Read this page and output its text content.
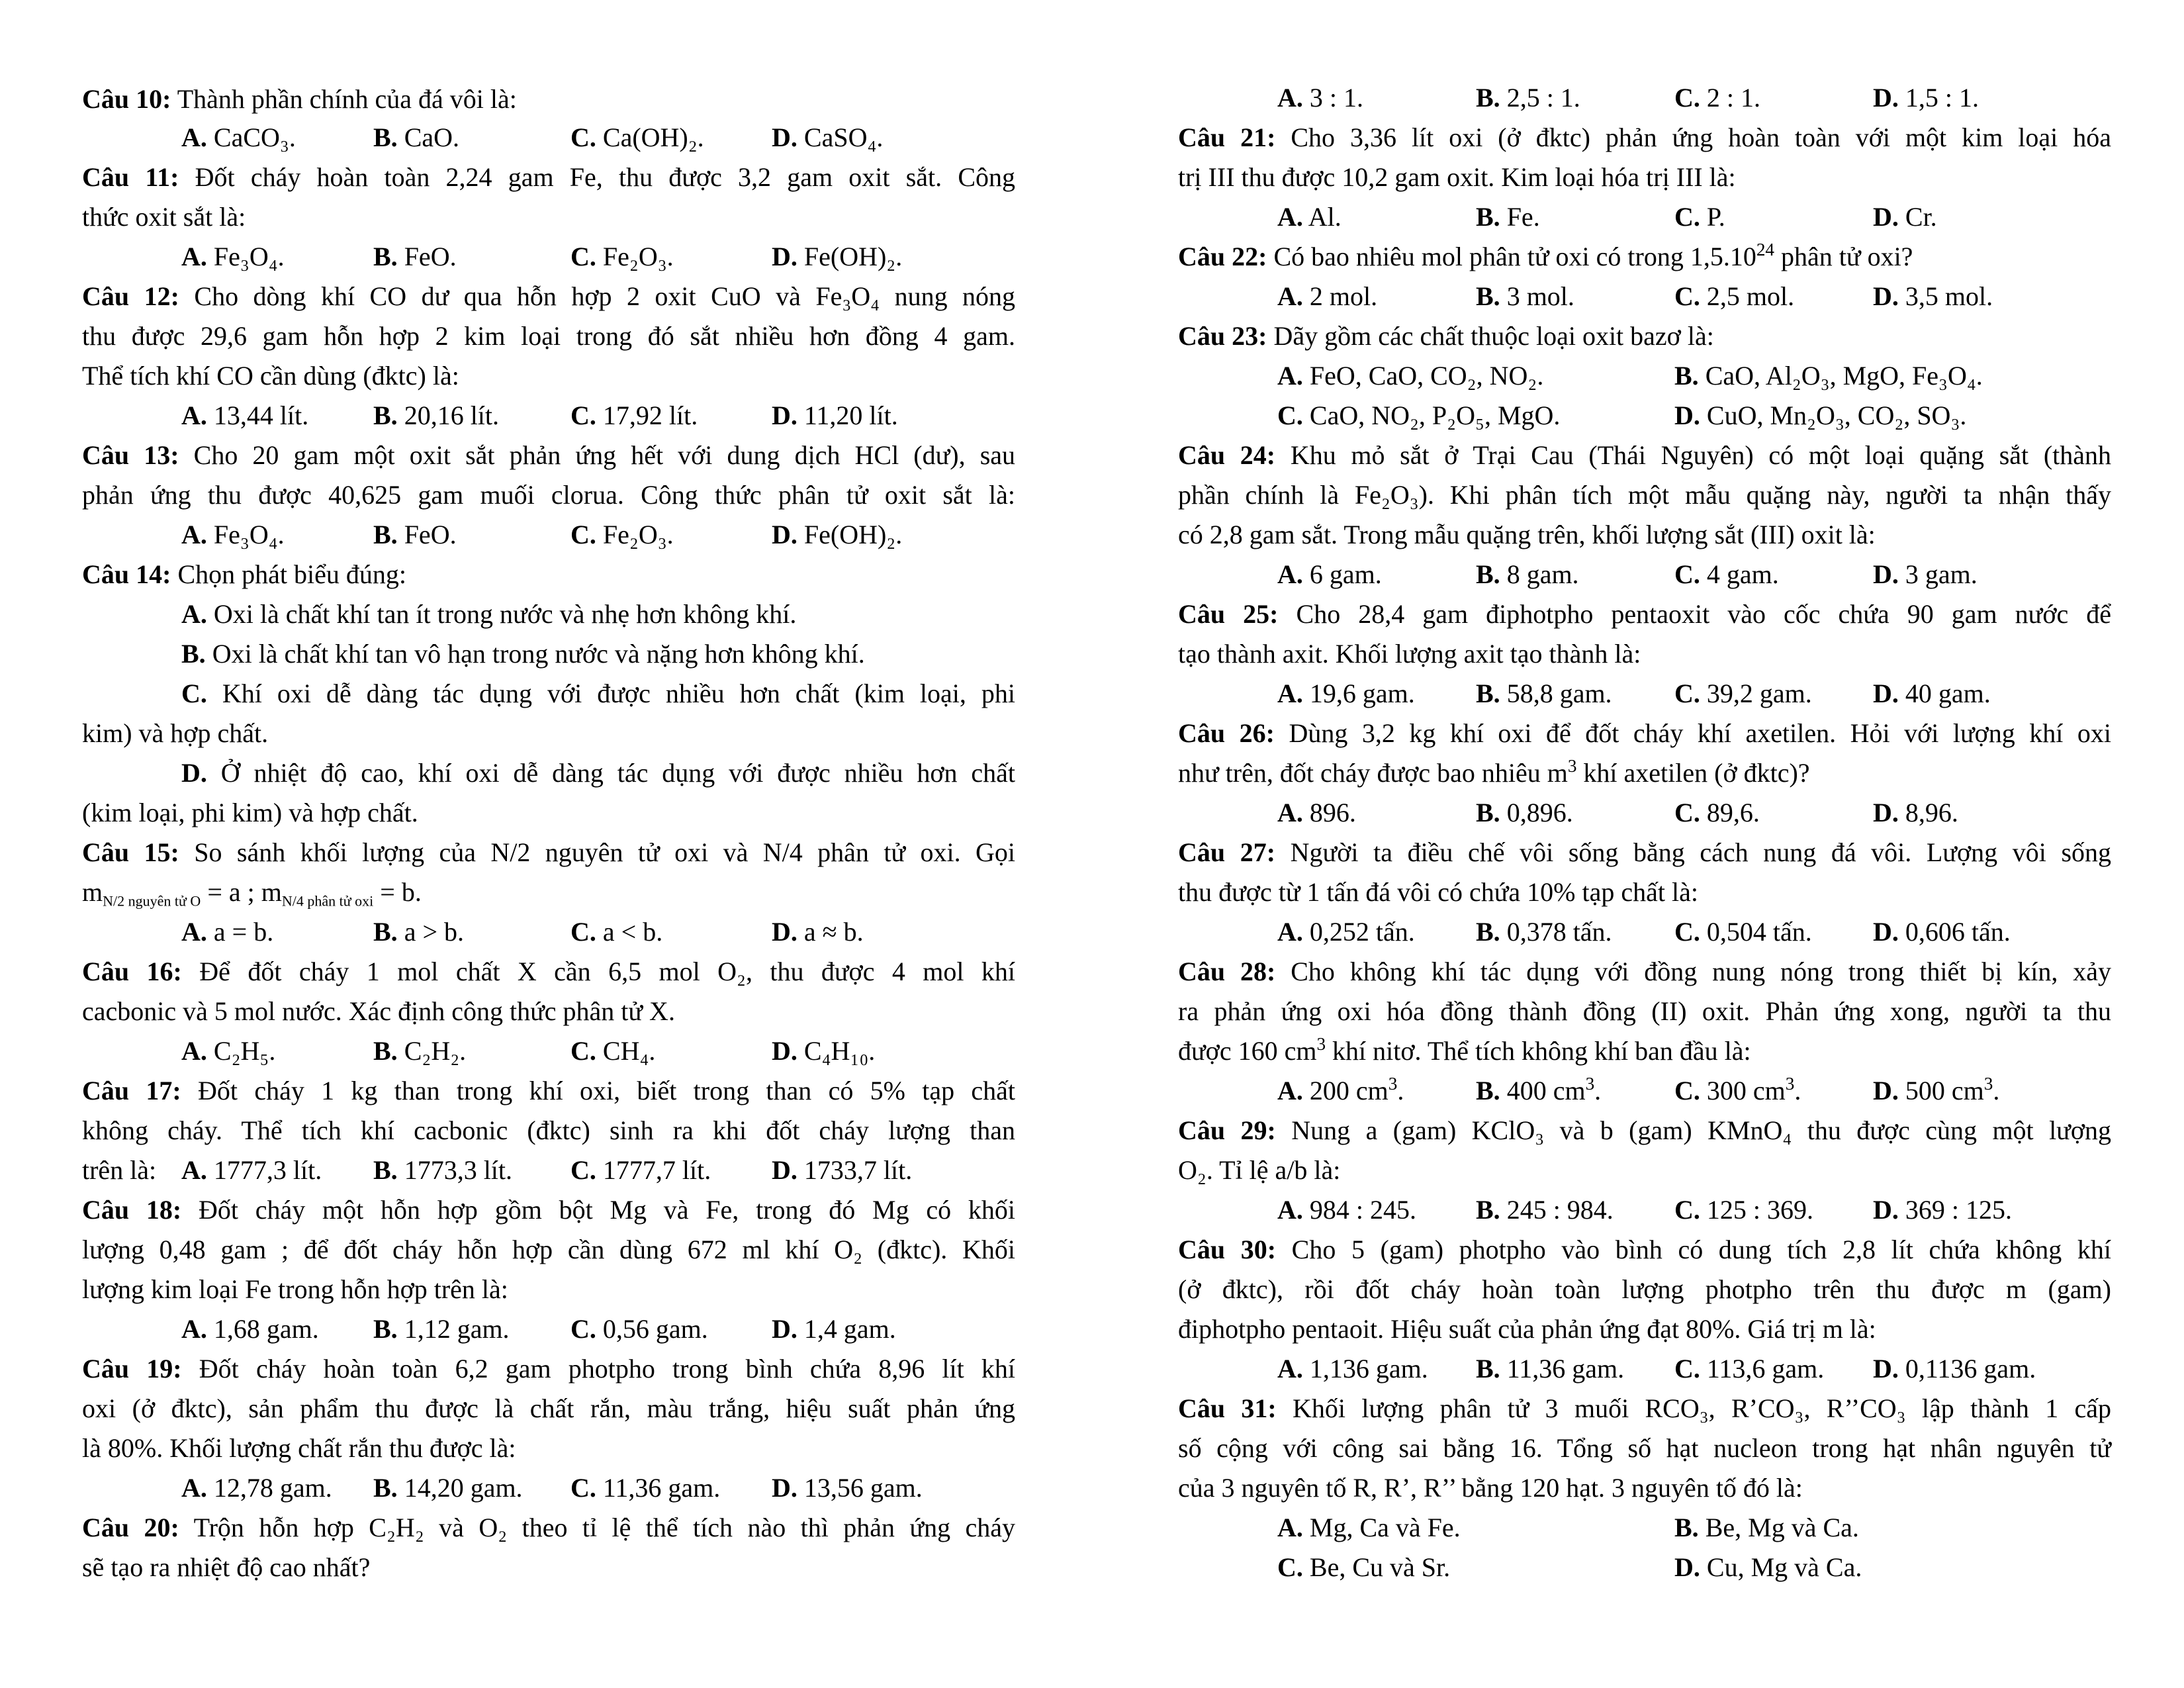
Câu 10: Thành phần chính của đá vôi là:
A. CaCO₃.	B. CaO.	C. Ca(OH)₂.	D. CaSO₄.
Câu 11: Đốt cháy hoàn toàn 2,24 gam Fe, thu được 3,2 gam oxit sắt. Công
thức oxit sắt là:
A. Fe₃O₄.	B. FeO.	C. Fe₂O₃.	D. Fe(OH)₂.
Câu 12: Cho dòng khí CO dư qua hỗn hợp 2 oxit CuO và Fe₃O₄ nung nóng
thu được 29,6 gam hỗn hợp 2 kim loại trong đó sắt nhiều hơn đồng 4 gam.
Thể tích khí CO cần dùng (đktc) là:
A. 13,44 lít. B. 20,16 lít.	C. 17,92 lít.	D. 11,20 lít.
Câu 13: Cho 20 gam một oxit sắt phản ứng hết với dung dịch HCl (dư), sau
phản ứng thu được 40,625 gam muối clorua. Công thức phân tử oxit sắt là:
A. Fe₃O₄.	B. FeO.	C. Fe₂O₃.	D. Fe(OH)₂.
Câu 14: Chọn phát biểu đúng:
A. Oxi là chất khí tan ít trong nước và nhẹ hơn không khí.
B. Oxi là chất khí tan vô hạn trong nước và nặng hơn không khí.
C. Khí oxi dễ dàng tác dụng với được nhiều hơn chất (kim loại, phi
kim) và hợp chất.
D. Ở nhiệt độ cao, khí oxi dễ dàng tác dụng với được nhiều hơn chất
(kim loại, phi kim) và hợp chất.
Câu 15: So sánh khối lượng của N/2 nguyên tử oxi và N/4 phân tử oxi. Gọi
mN/2 nguyên tử O = a ; mN/4 phân tử oxi = b.
A. a = b.	B. a > b.	C. a < b.	D. a ≈ b.
Câu 16: Để đốt cháy 1 mol chất X cần 6,5 mol O₂, thu được 4 mol khí
cacbonic và 5 mol nước. Xác định công thức phân tử X.
A. C₂H₅.	B. C₂H₂.	C. CH₄.	D. C₄H₁₀.
Câu 17: Đốt cháy 1 kg than trong khí oxi, biết trong than có 5% tạp chất
không cháy. Thể tích khí cacbonic (đktc) sinh ra khi đốt cháy lượng than
trên là: A. 1777,3 lít. B. 1773,3 lít. C. 1777,7 lít. D. 1733,7 lít.
Câu 18: Đốt cháy một hỗn hợp gồm bột Mg và Fe, trong đó Mg có khối
lượng 0,48 gam ; để đốt cháy hỗn hợp cần dùng 672 ml khí O₂ (đktc). Khối
lượng kim loại Fe trong hỗn hợp trên là:
A. 1,68 gam. B. 1,12 gam. C. 0,56 gam. D. 1,4 gam.
Câu 19: Đốt cháy hoàn toàn 6,2 gam photpho trong bình chứa 8,96 lít khí
oxi (ở đktc), sản phẩm thu được là chất rắn, màu trắng, hiệu suất phản ứng
là 80%. Khối lượng chất rắn thu được là:
A. 12,78 gam. B. 14,20 gam. C. 11,36 gam. D. 13,56 gam.
Câu 20: Trộn hỗn hợp C₂H₂ và O₂ theo tỉ lệ thể tích nào thì phản ứng cháy
sẽ tạo ra nhiệt độ cao nhất?
A. 3 : 1.	B. 2,5 : 1.	C. 2 : 1.	D. 1,5 : 1.
Câu 21: Cho 3,36 lít oxi (ở đktc) phản ứng hoàn toàn với một kim loại hóa
trị III thu được 10,2 gam oxit. Kim loại hóa trị III là:
A. Al.	B. Fe.	C. P.	D. Cr.
Câu 22: Có bao nhiêu mol phân tử oxi có trong 1,5.10$^{24}$ phân tử oxi?
A. 2 mol.	B. 3 mol.	C. 2,5 mol.	D. 3,5 mol.
Câu 23: Dãy gồm các chất thuộc loại oxit bazơ là:
A. FeO, CaO, CO₂, NO₂.	B. CaO, Al₂O₃, MgO, Fe₃O₄.
C. CaO, NO₂, P₂O₅, MgO.	D. CuO, Mn₂O₃, CO₂, SO₃.
Câu 24: Khu mỏ sắt ở Trại Cau (Thái Nguyên) có một loại quặng sắt (thành
phần chính là Fe₂O₃). Khi phân tích một mẫu quặng này, người ta nhận thấy
có 2,8 gam sắt. Trong mẫu quặng trên, khối lượng sắt (III) oxit là:
A. 6 gam.	B. 8 gam.	C. 4 gam.	D. 3 gam.
Câu 25: Cho 28,4 gam điphotpho pentaoxit vào cốc chứa 90 gam nước để
tạo thành axit. Khối lượng axit tạo thành là:
A. 19,6 gam. B. 58,8 gam. C. 39,2 gam. D. 40 gam.
Câu 26: Dùng 3,2 kg khí oxi để đốt cháy khí axetilen. Hỏi với lượng khí oxi
như trên, đốt cháy được bao nhiêu $m^3$ khí axetilen (ở đktc)?
A. 896.	B. 0,896.	C. 89,6.	D. 8,96.
Câu 27: Người ta điều chế vôi sống bằng cách nung đá vôi. Lượng vôi sống
thu được từ 1 tấn đá vôi có chứa 10% tạp chất là:
A. 0,252 tấn. B. 0,378 tấn. C. 0,504 tấn. D. 0,606 tấn.
Câu 28: Cho không khí tác dụng với đồng nung nóng trong thiết bị kín, xảy
ra phản ứng oxi hóa đồng thành đồng (II) oxit. Phản ứng xong, người ta thu
được 160 $cm^3$ khí nitơ. Thể tích không khí ban đầu là:
A. 200 $cm^3$.	B. 400 $cm^3$.	C. 300 $cm^3$.	D. 500 $cm^3$.
Câu 29: Nung a (gam) KClO₃ và b (gam) KMnO₄ thu được cùng một lượng
O₂. Tỉ lệ a/b là:
A. 984 : 245. B. 245 : 984. C. 125 : 369. D. 369 : 125.
Câu 30: Cho 5 (gam) photpho vào bình có dung tích 2,8 lít chứa không khí
(ở đktc), rồi đốt cháy hoàn toàn lượng photpho trên thu được m (gam)
điphotpho pentaoit. Hiệu suất của phản ứng đạt 80%. Giá trị m là:
A. 1,136 gam. B. 11,36 gam. C. 113,6 gam. D. 0,1136 gam.
Câu 31: Khối lượng phân tử 3 muối RCO₃, R’CO₃, R’’CO₃ lập thành 1 cấp
số cộng với công sai bằng 16. Tổng số hạt nucleon trong hạt nhân nguyên tử
của 3 nguyên tố R, R’, R’’ bằng 120 hạt. 3 nguyên tố đó là:
A. Mg, Ca và Fe.	B. Be, Mg và Ca.
C. Be, Cu và Sr.	D. Cu, Mg và Ca.
